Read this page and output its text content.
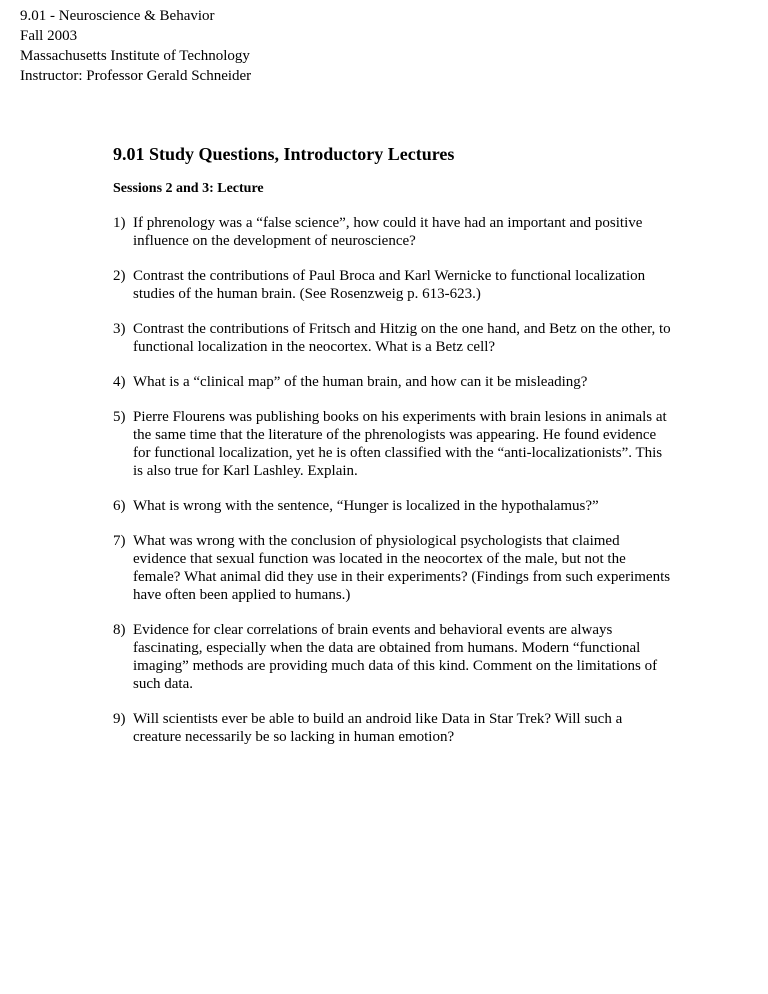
9.01 - Neuroscience & Behavior
Fall 2003
Massachusetts Institute of Technology
Instructor: Professor Gerald Schneider
9.01 Study Questions, Introductory Lectures

Sessions 2 and 3: Lecture

1) If phrenology was a “false science”, how could it have had an important and positive influence on the development of neuroscience?
2) Contrast the contributions of Paul Broca and Karl Wernicke to functional localization studies of the human brain. (See Rosenzweig p. 613-623.)
3) Contrast the contributions of Fritsch and Hitzig on the one hand, and Betz on the other, to functional localization in the neocortex. What is a Betz cell?
4) What is a “clinical map” of the human brain, and how can it be misleading?
5) Pierre Flourens was publishing books on his experiments with brain lesions in animals at the same time that the literature of the phrenologists was appearing. He found evidence for functional localization, yet he is often classified with the “anti-localizationists”. This is also true for Karl Lashley. Explain.
6) What is wrong with the sentence, “Hunger is localized in the hypothalamus?”
7) What was wrong with the conclusion of physiological psychologists that claimed evidence that sexual function was located in the neocortex of the male, but not the female? What animal did they use in their experiments? (Findings from such experiments have often been applied to humans.)
8) Evidence for clear correlations of brain events and behavioral events are always fascinating, especially when the data are obtained from humans. Modern “functional imaging” methods are providing much data of this kind. Comment on the limitations of such data.
9) Will scientists ever be able to build an android like Data in Star Trek? Will such a creature necessarily be so lacking in human emotion?
